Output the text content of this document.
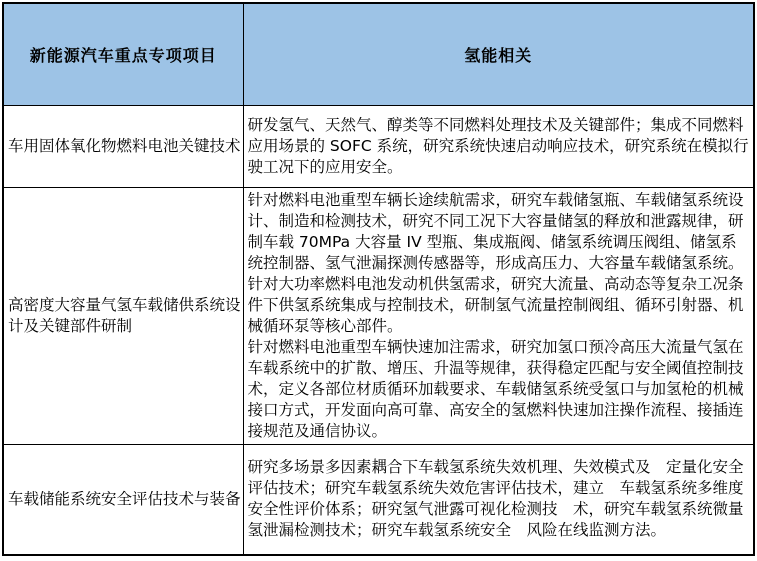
新能源汽车重点专项项目	氢能相关
车用固体氧化物燃料电池关键技术	研发氢气、天然气、醇类等不同燃料处理技术及关键部件；集成不同燃料应用场景的 SOFC 系统，研究系统快速启动响应技术，研究系统在模拟行驶工况下的应用安全。

高密度大容量气氢车载储供系统设计及关键部件研制	针对燃料电池重型车辆长途续航需求，研究车载储氢瓶、车载储氢系统设计、制造和检测技术，研究不同工况下大容量储氢的释放和泄露规律，研制车载 70MPa 大容量 IV 型瓶、集成瓶阀、储氢系统调压阀组、储氢系统控制器、氢气泄漏探测传感器等，形成高压力、大容量车载储氢系统。

针对大功率燃料电池发动机供氢需求，研究大流量、高动态等复杂工况条件下供氢系统集成与控制技术，研制氢气流量控制阀组、循环引射器、机械循环泵等核心部件。

针对燃料电池重型车辆快速加注需求，研究加氢口预冷高压大流量气氢在车载系统中的扩散、增压、升温等规律，获得稳定匹配与安全阈值控制技术，定义各部位材质循环加载要求、车载储氢系统受氢口与加氢枪的机械接口方式，开发面向高可靠、高安全的氢燃料快速加注操作流程、接插连接规范及通信协议。

车载储能系统安全评估技术与装备	研究多场景多因素耦合下车载氢系统失效机理、失效模式及　定量化安全评估技术；研究车载氢系统失效危害评估技术，建立　车载氢系统多维度安全性评价体系；研究氢气泄露可视化检测技　术，研究车载氢系统微量氢泄漏检测技术；研究车载氢系统安全　风险在线监测方法。
